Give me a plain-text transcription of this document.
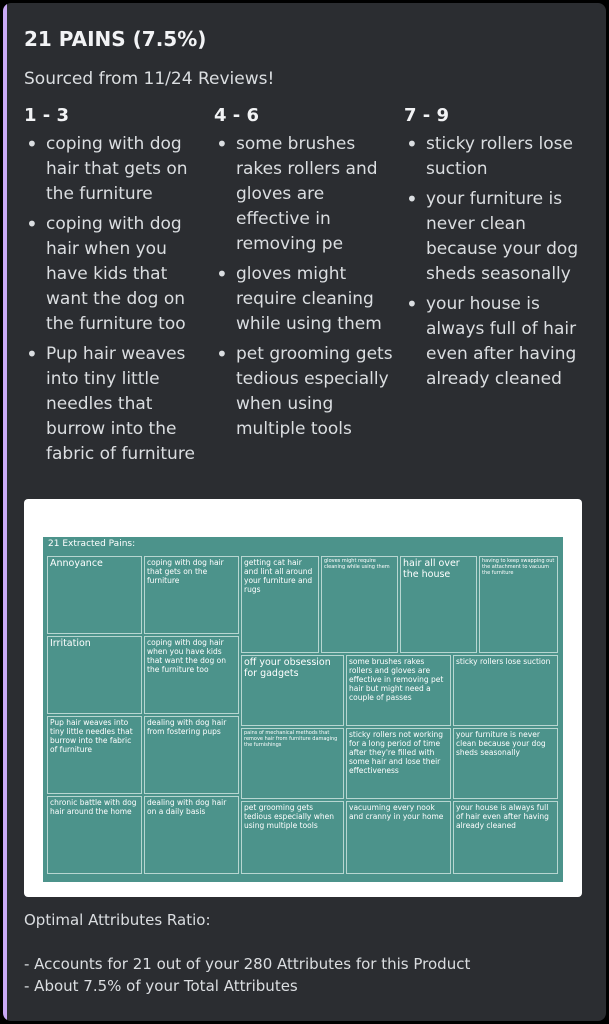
21 PAINS (7.5%)
Sourced from 11/24 Reviews!
1 - 3
• coping with dog hair that gets on the furniture
• coping with dog hair when you have kids that want the dog on the furniture too
• Pup hair weaves into tiny little needles that burrow into the fabric of furniture
4 - 6
• some brushes rakes rollers and gloves are effective in removing pe
• gloves might require cleaning while using them
• pet grooming gets tedious especially when using multiple tools
7 - 9
• sticky rollers lose suction
• your furniture is never clean because your dog sheds seasonally
• your house is always full of hair even after having already cleaned
21 Extracted Pains:
Annoyance	coping with dog hair that gets on the furniture
getting cat hair and lint all around your furniture and rugs
gloves might require cleaning while using them	hair all over the house
having to keep swapping out the attachment to vacuum the furniture
Irritation	coping with dog hair when you have kids that want the dog on the furniture too
off your obsession for gadgets
some brushes rakes rollers and gloves are effective in removing pet hair but might need a couple of passes
sticky rollers lose suction
Pup hair weaves into tiny little needles that burrow into the fabric of furniture
dealing with dog hair from fostering pups	pains of mechanical methods that remove hair from furniture damaging the furnishings
sticky rollers not working for a long period of time after they're filled with some hair and lose their effectiveness
your furniture is never clean because your dog sheds seasonally
chronic battle with dog hair around the home
dealing with dog hair on a daily basis	pet grooming gets tedious especially when using multiple tools
vacuuming every nook and cranny in your home
your house is always full of hair even after having already cleaned
Optimal Attributes Ratio:
- Accounts for 21 out of your 280 Attributes for this Product
- About 7.5% of your Total Attributes
